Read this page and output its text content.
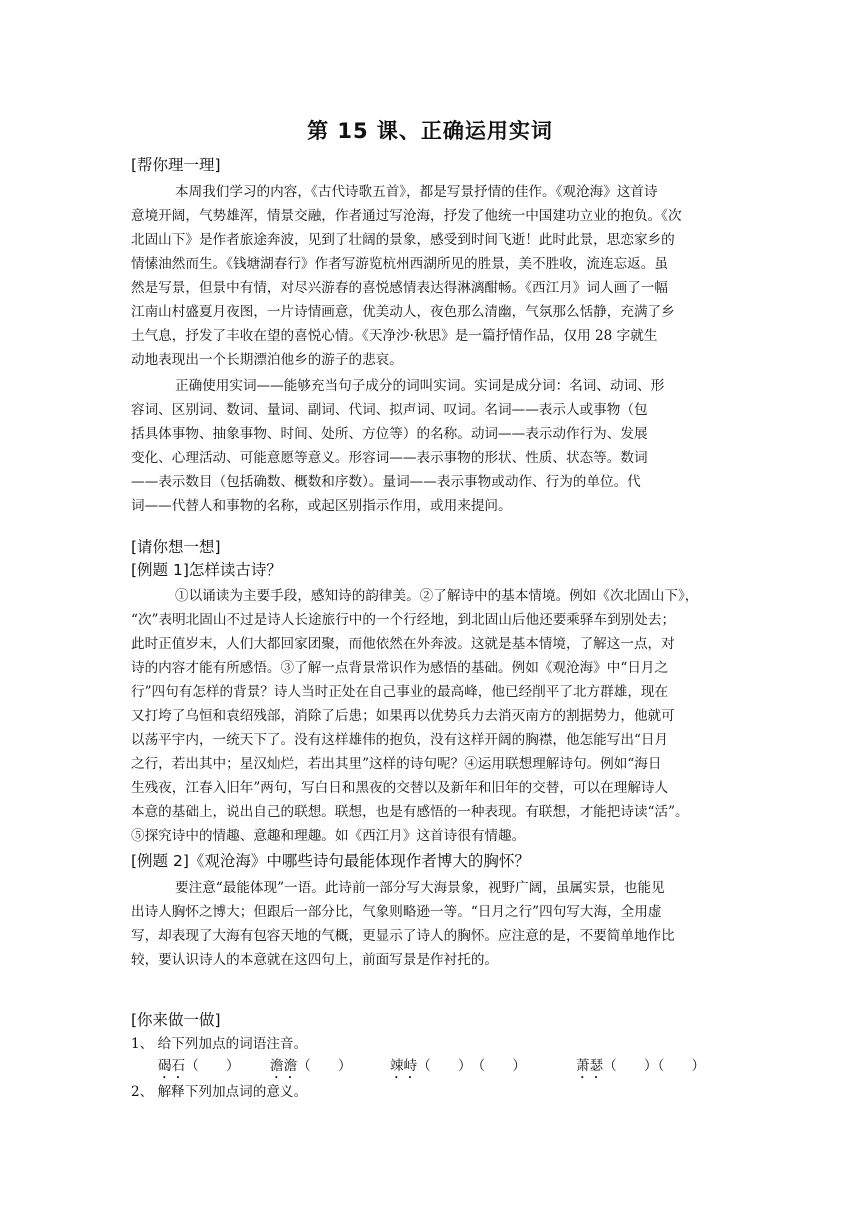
第 15 课、正确运用实词
[帮你理一理]
本周我们学习的内容，《古代诗歌五首》，都是写景抒情的佳作。《观沧海》这首诗
意境开阔，气势雄浑，情景交融，作者通过写沧海，抒发了他统一中国建功立业的抱负。《次
北固山下》是作者旅途奔波，见到了壮阔的景象，感受到时间飞逝！此时此景，思恋家乡的
情愫油然而生。《钱塘湖春行》作者写游览杭州西湖所见的胜景，美不胜收，流连忘返。虽
然是写景，但景中有情，对尽兴游春的喜悦感情表达得淋漓酣畅。《西江月》词人画了一幅
江南山村盛夏月夜图，一片诗情画意，优美动人，夜色那么清幽，气氛那么恬静，充满了乡
土气息，抒发了丰收在望的喜悦心情。《天净沙·秋思》是一篇抒情作品，仅用 28 字就生
动地表现出一个长期漂泊他乡的游子的悲哀。
正确使用实词——能够充当句子成分的词叫实词。实词是成分词：名词、动词、形
容词、区别词、数词、量词、副词、代词、拟声词、叹词。名词——表示人或事物（包
括具体事物、抽象事物、时间、处所、方位等）的名称。动词——表示动作行为、发展
变化、心理活动、可能意愿等意义。形容词——表示事物的形状、性质、状态等。数词
——表示数目（包括确数、概数和序数）。量词——表示事物或动作、行为的单位。代
词——代替人和事物的名称，或起区别指示作用，或用来提问。
[请你想一想]
[例题 1]怎样读古诗？
①以诵读为主要手段，感知诗的韵律美。②了解诗中的基本情境。例如《次北固山下》，
“次”表明北固山不过是诗人长途旅行中的一个行经地，到北固山后他还要乘驿车到别处去；
此时正值岁末，人们大都回家团聚，而他依然在外奔波。这就是基本情境，了解这一点，对
诗的内容才能有所感悟。③了解一点背景常识作为感悟的基础。例如《观沧海》中“日月之
行”四句有怎样的背景？诗人当时正处在自己事业的最高峰，他已经削平了北方群雄，现在
又打垮了乌恒和袁绍残部，消除了后患；如果再以优势兵力去消灭南方的割据势力，他就可
以荡平宇内，一统天下了。没有这样雄伟的抱负，没有这样开阔的胸襟，他怎能写出“日月
之行，若出其中；星汉灿烂，若出其里”这样的诗句呢？④运用联想理解诗句。例如“海日
生残夜，江春入旧年”两句，写白日和黑夜的交替以及新年和旧年的交替，可以在理解诗人
本意的基础上，说出自己的联想。联想，也是有感悟的一种表现。有联想，才能把诗读“活”。
⑤探究诗中的情趣、意趣和理趣。如《西江月》这首诗很有情趣。
[例题 2]《观沧海》中哪些诗句最能体现作者博大的胸怀？
要注意“最能体现”一语。此诗前一部分写大海景象，视野广阔，虽属实景，也能见
出诗人胸怀之博大；但跟后一部分比，气象则略逊一等。“日月之行”四句写大海，全用虚
写，却表现了大海有包容天地的气概，更显示了诗人的胸怀。应注意的是，不要简单地作比
较，要认识诗人的本意就在这四句上，前面写景是作衬托的。
[你来做一做]
1、 给下列加点的词语注音。
碣石（　　） 澹澹（　　）	竦峙（　　）　（　　）	萧瑟（　　）（　　）
2、 解释下列加点词的意义。
